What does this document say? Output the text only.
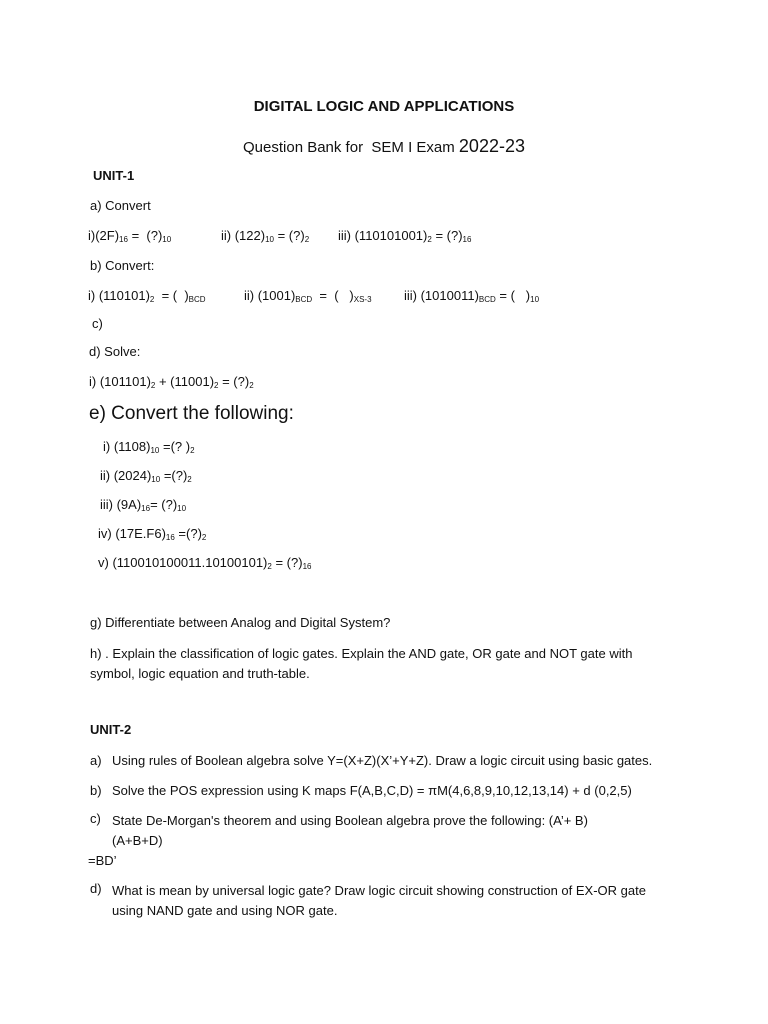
DIGITAL LOGIC AND APPLICATIONS
Question Bank for  SEM I Exam 2022-23
UNIT-1
a) Convert
$i)(2F)_{16}$ =  $(?)_{10}$	ii) $(122)_{10}$ = $(?)_2$ iii) $(110101001)_2$ = $(?)_{16}$
b) Convert:
i) $(110101)_2$  = (  )$_{BCD}$	ii) $(1001)_{BCD}$  =  (   )$_{XS-3}$ iii) $(1010011)_{BCD}$ = (   )$_{10}$
c)
d) Solve:
i) $(101101)_2 + (11001)_2$ = $(?)_2$
e) Convert the following:
i) $(1108)_{10}$ =(? )$_2$
ii) $(2024)_{10}$ $=(?)_2$
iii) $(9A)_{16}=$ $(?)_{10}$
iv) $(17E.F6)_{16}$ $=(?)_2$
v) $(110010100011.10100101)_2$ = $(?)_{16}$
g) Differentiate between Analog and Digital System?
h) . Explain the classification of logic gates. Explain the AND gate, OR gate and NOT gate with symbol, logic equation and truth-table.
UNIT-2
a) Using rules of Boolean algebra solve Y=(X+Z)(X’+Y+Z). Draw a logic circuit using basic gates.
b) Solve the POS expression using K maps F(A,B,C,D) = πM(4,6,8,9,10,12,13,14) + d (0,2,5)
c) State De-Morgan's theorem and using Boolean algebra prove the following: (A’+ B)(A+B+D)
=BD’
d) What is mean by universal logic gate? Draw logic circuit showing construction of EX-OR gate using NAND gate and using NOR gate.
